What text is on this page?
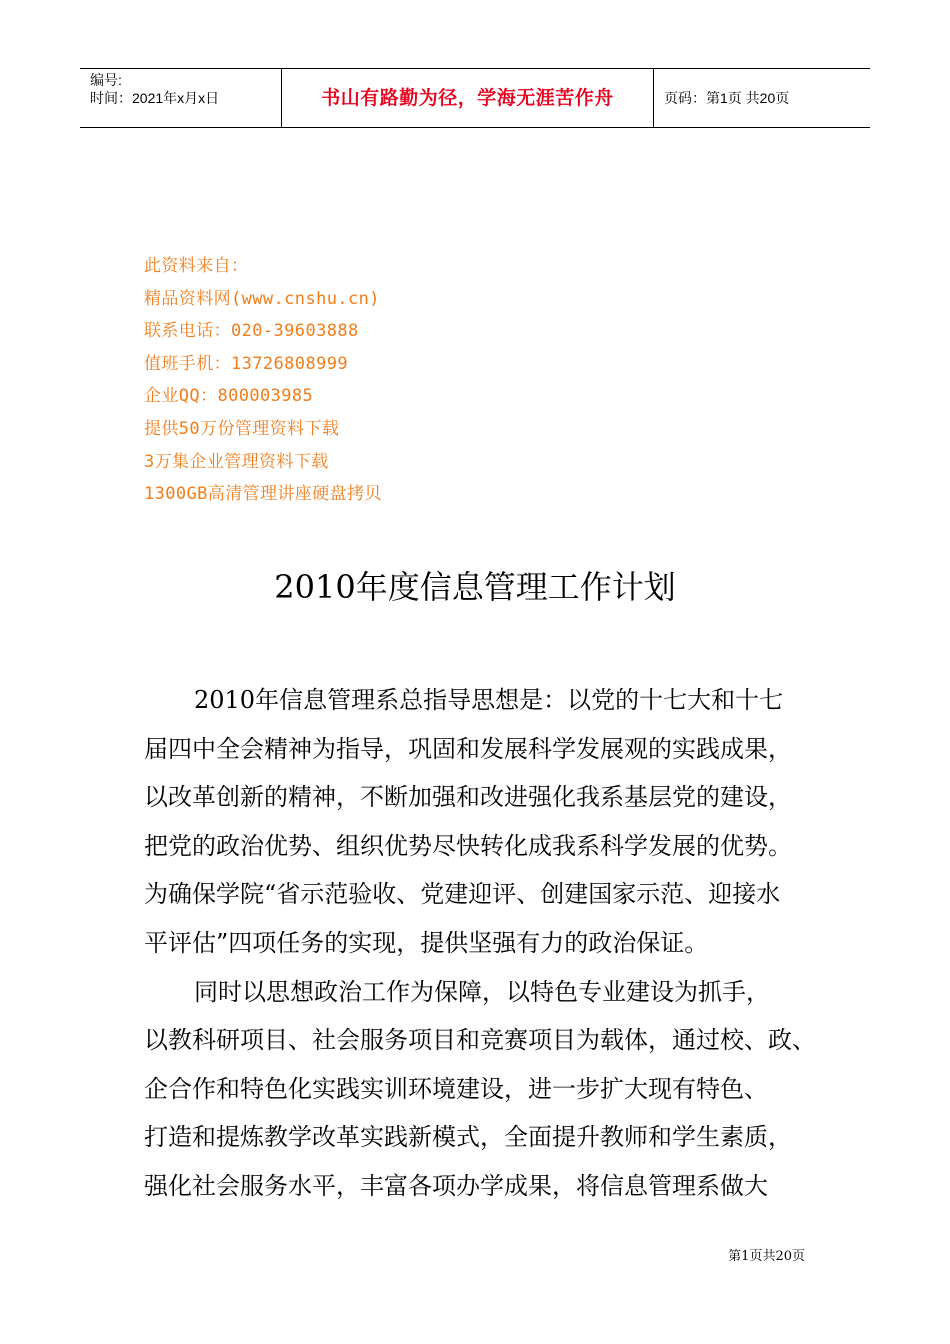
编号:
时间：2021年x月x日	书山有路勤为径，学海无涯苦作舟	页码：第1页 共20页
此资料来自：
精品资料网(www.cnshu.cn)
联系电话：020-39603888
值班手机：13726808999
企业QQ：800003985
提供50万份管理资料下载
3万集企业管理资料下载
1300GB高清管理讲座硬盘拷贝
2010年度信息管理工作计划
2010年信息管理系总指导思想是：以党的十七大和十七
届四中全会精神为指导，巩固和发展科学发展观的实践成果，
以改革创新的精神，不断加强和改进强化我系基层党的建设，
把党的政治优势、组织优势尽快转化成我系科学发展的优势。
为确保学院“省示范验收、党建迎评、创建国家示范、迎接水
平评估”四项任务的实现，提供坚强有力的政治保证。
同时以思想政治工作为保障，以特色专业建设为抓手，
以教科研项目、社会服务项目和竞赛项目为载体，通过校、政、
企合作和特色化实践实训环境建设，进一步扩大现有特色、
打造和提炼教学改革实践新模式，全面提升教师和学生素质，
强化社会服务水平，丰富各项办学成果，将信息管理系做大
第1页共20页
